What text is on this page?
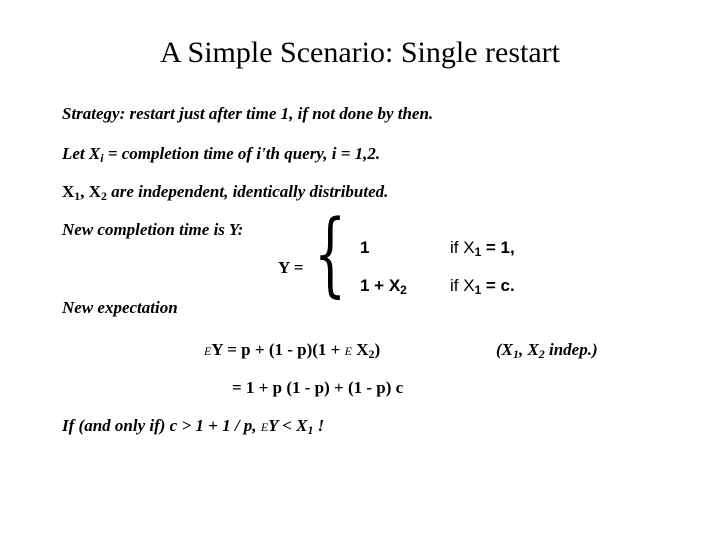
A Simple Scenario: Single restart
Strategy: restart just after time 1, if not done by then.
Let $X_i$ = completion time of i'th query, i = 1,2.
$X_1$, $X_2$ are independent, identically distributed.
New completion time is Y:
Y = { 1	if $X_1 = 1$,
$1 + X_2$	if $X_1 = c$.
New expectation
EY = p + (1 - p)(1 + E $X_2$)	($X_1$, $X_2$ indep.)
= 1 + p (1 - p) + (1 - p) c
If (and only if) c > 1 + 1 / p, EY < $X_1$ !
